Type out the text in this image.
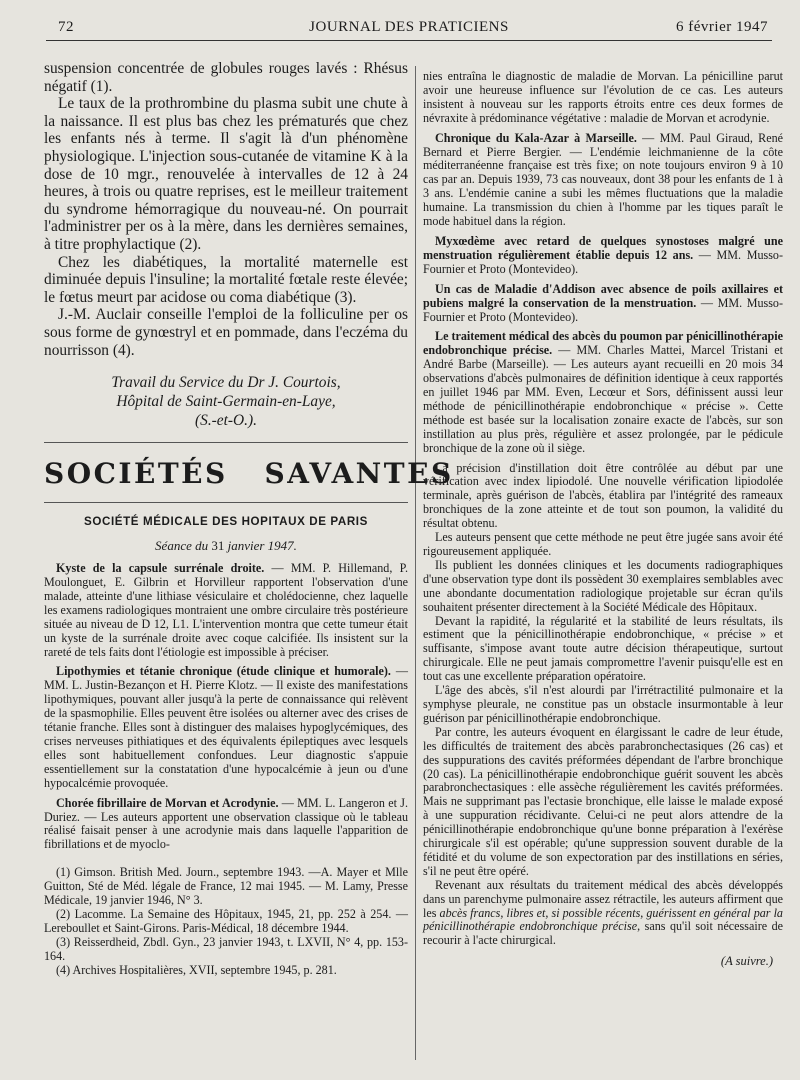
72	JOURNAL DES PRATICIENS	6 février 1947

suspension concentrée de globules rouges lavés : Rhésus négatif (1).

Le taux de la prothrombine du plasma subit une chute à la naissance. Il est plus bas chez les prématurés que chez les enfants nés à terme. Il s'agit là d'un phénomène physiologique. L'injection sous-cutanée de vitamine K à la dose de 10 mgr., renouvelée à intervalles de 12 à 24 heures, à trois ou quatre reprises, est le meilleur traitement du syndrome hémorragique du nouveau-né. On pourrait l'administrer per os à la mère, dans les dernières semaines, à titre prophylactique (2).

Chez les diabétiques, la mortalité maternelle est diminuée depuis l'insuline; la mortalité fœtale reste élevée; le fœtus meurt par acidose ou coma diabétique (3).

J.-M. Auclair conseille l'emploi de la folliculine per os sous forme de gynœstryl et en pommade, dans l'eczéma du nourrisson (4).

Travail du Service du Dr J. Courtois,
Hôpital de Saint-Germain-en-Laye,
(S.-et-O.).
SOCIÉTÉS SAVANTES
SOCIÉTÉ MÉDICALE DES HOPITAUX DE PARIS
Séance du 31 janvier 1947.

Kyste de la capsule surrénale droite. — MM. P. Hillemand, P. Moulonguet, E. Gilbrin et Horvilleur rapportent l'observation d'une malade, atteinte d'une lithiase vésiculaire et cholédocienne, chez laquelle les examens radiologiques montraient une ombre circulaire très postérieure située au niveau de D 12, L1. L'intervention montra que cette tumeur était un kyste de la surrénale droite avec coque calcifiée. Ils insistent sur la rareté de tels faits dont l'étiologie est impossible à préciser.

Lipothymies et tétanie chronique (étude clinique et humorale). — MM. L. Justin-Bezançon et H. Pierre Klotz. — Il existe des manifestations lipothymiques, pouvant aller jusqu'à la perte de connaissance qui relèvent de la spasmophilie. Elles peuvent être isolées ou alterner avec des crises de tétanie franche. Elles sont à distinguer des malaises hypoglycémiques, des crises nerveuses pithiatiques et des équivalents épileptiques avec lesquels elles sont habituellement confondues. Leur diagnostic s'appuie essentiellement sur la constatation d'une hypocalcémie à jeun ou d'une hypocalcémie provoquée.

Chorée fibrillaire de Morvan et Acrodynie. — MM. L. Langeron et J. Duriez. — Les auteurs apportent une observation classique où le tableau réalisé faisait penser à une acrodynie mais dans laquelle l'apparition de fibrillations et de myoclo-

(1) Gimson. British Med. Journ., septembre 1943. —A. Mayer et Mlle Guitton, Sté de Méd. légale de France, 12 mai 1945. — M. Lamy, Presse Médicale, 19 janvier 1946, N° 3.

(2) Lacomme. La Semaine des Hôpitaux, 1945, 21, pp. 252 à 254. — Lereboullet et Saint-Girons. Paris-Médical, 18 décembre 1944.

(3) Reisserdheid, Zbdl. Gyn., 23 janvier 1943, t. LXVII, N° 4, pp. 153-164.

(4) Archives Hospitalières, XVII, septembre 1945, p. 281.

nies entraîna le diagnostic de maladie de Morvan. La pénicilline parut avoir une heureuse influence sur l'évolution de ce cas. Les auteurs insistent à nouveau sur les rapports étroits entre ces deux formes de névraxite à prédominance végétative : maladie de Morvan et acrodynie.

Chronique du Kala-Azar à Marseille. — MM. Paul Giraud, René Bernard et Pierre Bergier. — L'endémie leichmanienne de la côte méditerranéenne française est très fixe; on note toujours environ 9 à 10 cas par an. Depuis 1939, 73 cas nouveaux, dont 38 pour les enfants de 1 à 3 ans. L'endémie canine a subi les mêmes fluctuations que la maladie humaine. La transmission du chien à l'homme par les tiques paraît le mode habituel dans la région.

Myxœdème avec retard de quelques synostoses malgré une menstruation régulièrement établie depuis 12 ans. — MM. Musso-Fournier et Proto (Montevideo).

Un cas de Maladie d'Addison avec absence de poils axillaires et pubiens malgré la conservation de la menstruation. — MM. Musso-Fournier et Proto (Montevideo).

Le traitement médical des abcès du poumon par pénicillinothérapie endobronchique précise. — MM. Charles Mattei, Marcel Tristani et André Barbe (Marseille). — Les auteurs ayant recueilli en 20 mois 34 observations d'abcès pulmonaires de définition identique à ceux rapportés en juillet 1946 par MM. Even, Lecœur et Sors, définissent aussi leur méthode de pénicillinothérapie endobronchique « précise ». Cette méthode est basée sur la localisation zonaire exacte de l'abcès, sur son instillation au plus près, régulière et assez prolongée, par le pédicule bronchique de la zone où il siège.

La précision d'instillation doit être contrôlée au début par une vérification avec index lipiodolé. Une nouvelle vérification lipiodolée terminale, après guérison de l'abcès, établira par l'intégrité des rameaux bronchiques de la zone atteinte et de tout son poumon, la validité du résultat obtenu.

Les auteurs pensent que cette méthode ne peut être jugée sans avoir été rigoureusement appliquée.

Ils publient les données cliniques et les documents radiographiques d'une observation type dont ils possèdent 30 exemplaires semblables avec une abondante documentation radiologique projetable sur écran qu'ils souhaitent présenter directement à la Société Médicale des Hôpitaux.

Devant la rapidité, la régularité et la stabilité de leurs résultats, ils estiment que la pénicillinothérapie endobronchique, « précise » et suffisante, s'impose avant toute autre décision thérapeutique, surtout chirurgicale. Elle ne peut jamais compromettre l'avenir puisqu'elle est en tout cas une excellente préparation opératoire.

L'âge des abcès, s'il n'est alourdi par l'irrétractilité pulmonaire et la symphyse pleurale, ne constitue pas un obstacle insurmontable à leur guérison par pénicillinothérapie endobronchique.

Par contre, les auteurs évoquent en élargissant le cadre de leur étude, les difficultés de traitement des abcès parabronchectasiques (26 cas) et des suppurations des cavités préformées dépendant de l'arbre bronchique (20 cas). La pénicillinothérapie endobronchique guérit souvent les abcès parabronchectasiques : elle assèche régulièrement les cavités préformées. Mais ne supprimant pas l'ectasie bronchique, elle laisse le malade exposé à une suppuration récidivante. Celui-ci ne peut alors attendre de la pénicillinothérapie endobronchique qu'une bonne préparation à l'exérèse chirurgicale s'il est opérable; qu'une suppression souvent durable de la fétidité et du volume de son expectoration par des instillations en séries, s'il ne peut être opéré.

Revenant aux résultats du traitement médical des abcès développés dans un parenchyme pulmonaire assez rétractile, les auteurs affirment que les abcès francs, libres et, si possible récents, guérissent en général par la pénicillinothérapie endobronchique précise, sans qu'il soit nécessaire de recourir à l'acte chirurgical.

(A suivre.)
